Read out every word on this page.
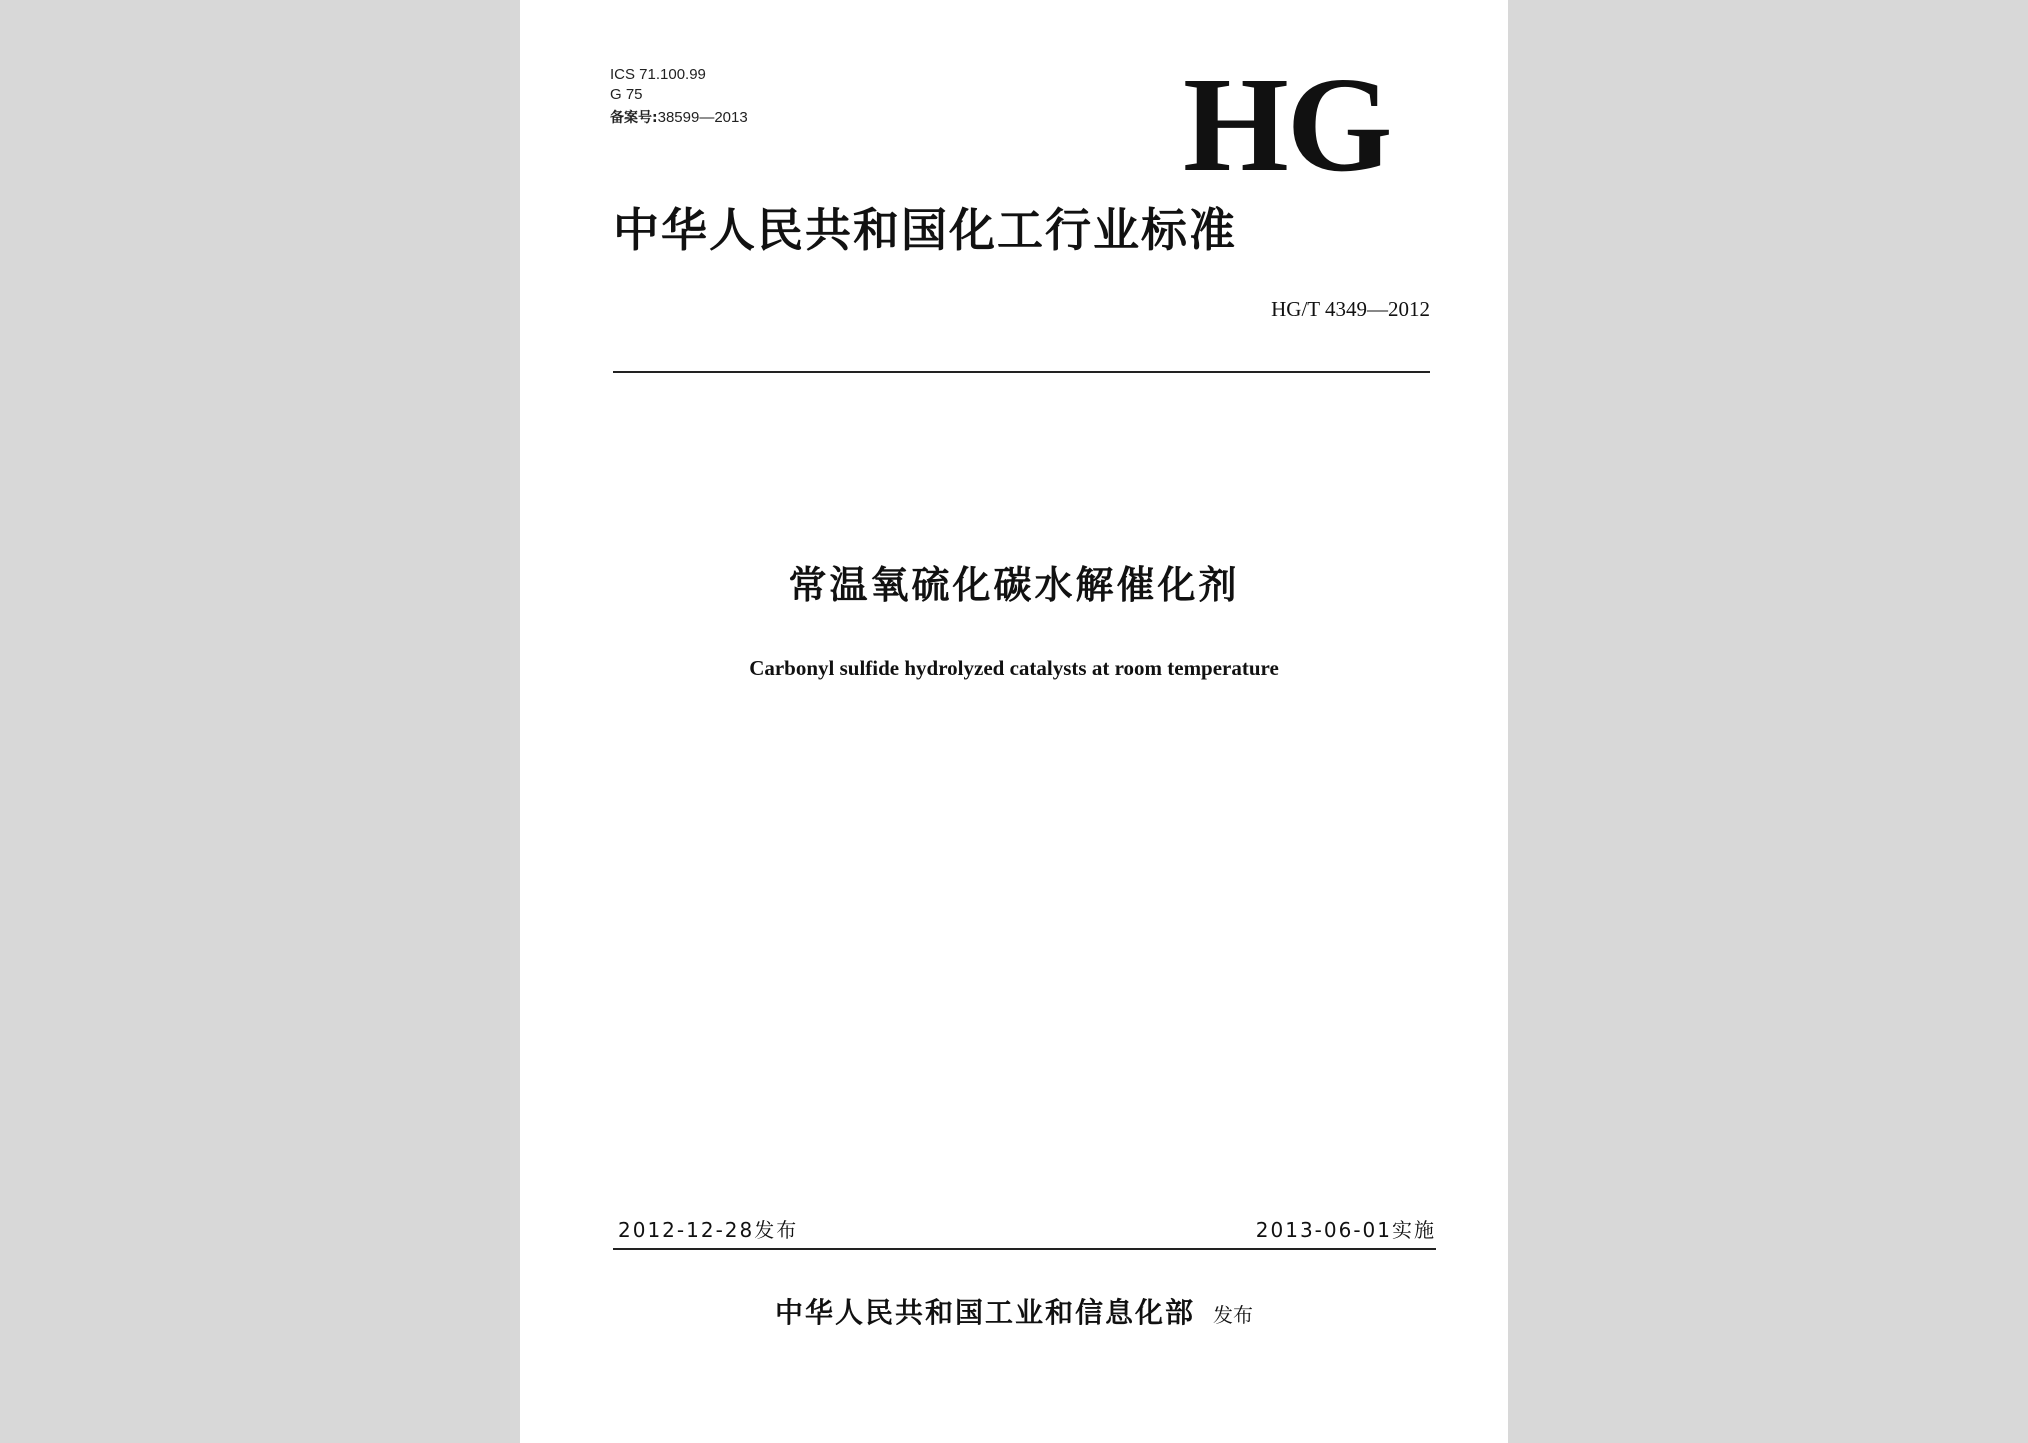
ICS 71.100.99
G 75
备案号:38599—2013	HG
中华人民共和国化工行业标准
HG/T 4349—2012
常温氧硫化碳水解催化剂
Carbonyl sulfide hydrolyzed catalysts at room temperature
2012-12-28发布	2013-06-01实施
中华人民共和国工业和信息化部 发布
